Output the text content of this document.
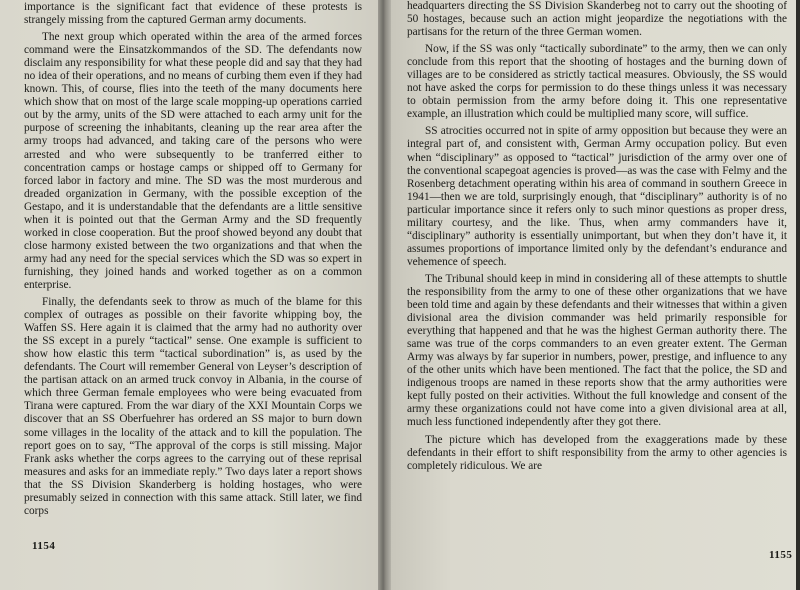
importance is the significant fact that evidence of these protests is strangely missing from the captured German army documents.

The next group which operated within the area of the armed forces command were the Einsatzkommandos of the SD. The defendants now disclaim any responsibility for what these people did and say that they had no idea of their operations, and no means of curbing them even if they had known. This, of course, flies into the teeth of the many documents here which show that on most of the large scale mopping-up operations carried out by the army, units of the SD were attached to each army unit for the purpose of screening the inhabitants, cleaning up the rear area after the army troops had advanced, and taking care of the persons who were arrested and who were subsequently to be tranferred either to concentration camps or hostage camps or shipped off to Germany for forced labor in factory and mine. The SD was the most murderous and dreaded organization in Germany, with the possible exception of the Gestapo, and it is understandable that the defendants are a little sensitive when it is pointed out that the German Army and the SD frequently worked in close cooperation. But the proof showed beyond any doubt that close harmony existed between the two organizations and that when the army had any need for the special services which the SD was so expert in furnishing, they joined hands and worked together as on a common enterprise.

Finally, the defendants seek to throw as much of the blame for this complex of outrages as possible on their favorite whipping boy, the Waffen SS. Here again it is claimed that the army had no authority over the SS except in a purely “tactical” sense. One example is sufficient to show how elastic this term “tactical subordination” is, as used by the defendants. The Court will remember General von Leyser’s description of the partisan attack on an armed truck convoy in Albania, in the course of which three German female employees who were being evacuated from Tirana were captured. From the war diary of the XXI Mountain Corps we discover that an SS Oberfuehrer has ordered an SS major to burn down some villages in the locality of the attack and to kill the population. The report goes on to say, “The approval of the corps is still missing. Major Frank asks whether the corps agrees to the carrying out of these reprisal measures and asks for an immediate reply.” Two days later a report shows that the SS Division Skanderberg is holding hostages, who were presumably seized in connection with this same attack. Still later, we find corps

1154

headquarters directing the SS Division Skanderbeg not to carry out the shooting of 50 hostages, because such an action might jeopardize the negotiations with the partisans for the return of the three German women.

Now, if the SS was only “tactically subordinate” to the army, then we can only conclude from this report that the shooting of hostages and the burning down of villages are to be considered as strictly tactical measures. Obviously, the SS would not have asked the corps for permission to do these things unless it was necessary to obtain permission from the army before doing it. This one representative example, an illustration which could be multiplied many score, will suffice.

SS atrocities occurred not in spite of army opposition but because they were an integral part of, and consistent with, German Army occupation policy. But even when “disciplinary” as opposed to “tactical” jurisdiction of the army over one of the conventional scapegoat agencies is proved—as was the case with Felmy and the Rosenberg detachment operating within his area of command in southern Greece in 1941—then we are told, surprisingly enough, that “disciplinary” authority is of no particular importance since it refers only to such minor questions as proper dress, military courtesy, and the like. Thus, when army commanders have it, “disciplinary” authority is essentially unimportant, but when they don’t have it, it assumes proportions of importance limited only by the defendant’s endurance and vehemence of speech.

The Tribunal should keep in mind in considering all of these attempts to shuttle the responsibility from the army to one of these other organizations that we have been told time and again by these defendants and their witnesses that within a given divisional area the division commander was held primarily responsible for everything that happened and that he was the highest German authority there. The same was true of the corps commanders to an even greater extent. The German Army was always by far superior in numbers, power, prestige, and influence to any of the other units which have been mentioned. The fact that the police, the SD and indigenous troops are named in these reports show that the army authorities were kept fully posted on their activities. Without the full knowledge and consent of the army these organizations could not have come into a given divisional area at all, much less functioned independently after they got there.

The picture which has developed from the exaggerations made by these defendants in their effort to shift responsibility from the army to other agencies is completely ridiculous. We are

1155
